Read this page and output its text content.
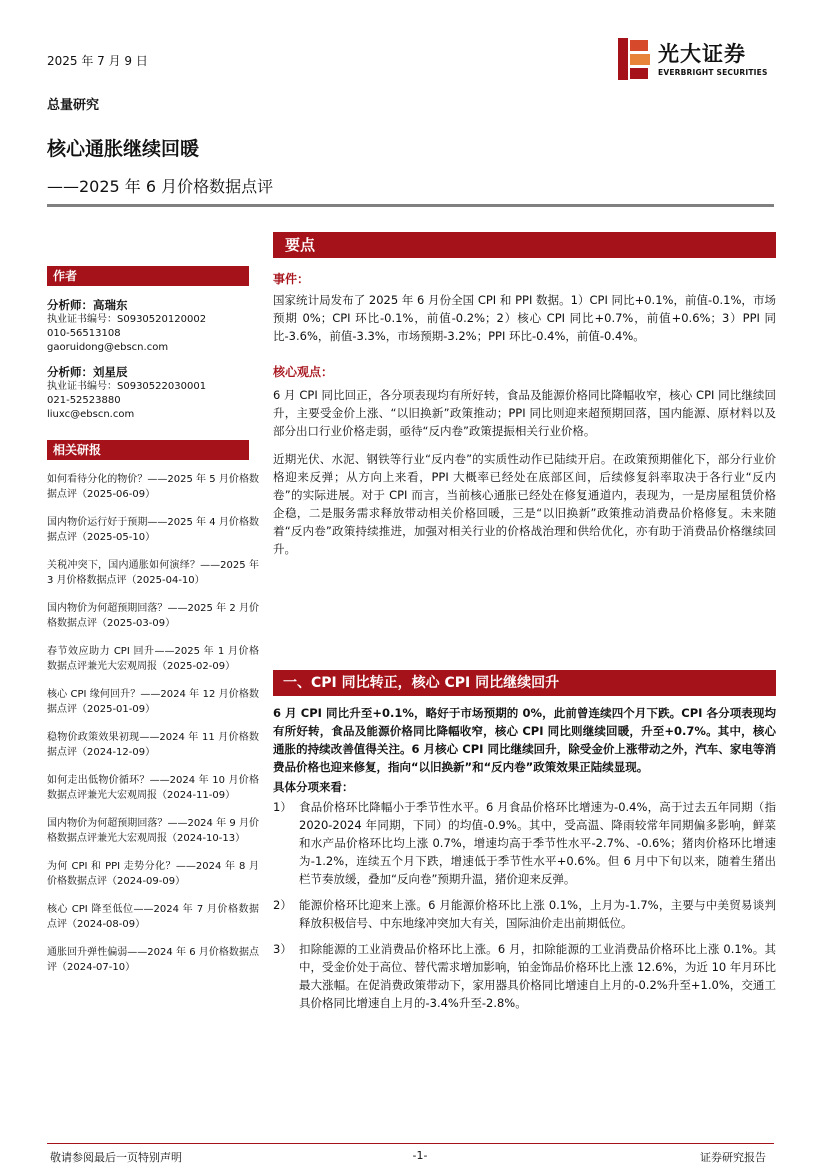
2025 年 7 月 9 日	光大证券
EVERBRIGHT SECURITIES
总量研究
核心通胀继续回暖
——2025 年 6 月价格数据点评
作者
分析师：高瑞东
执业证书编号：S0930520120002
010-56513108
gaoruidong@ebscn.com
分析师：刘星辰
执业证书编号：S0930522030001
021-52523880
liuxc@ebscn.com
相关研报
如何看待分化的物价？——2025 年 5 月价格数据点评（2025-06-09）
国内物价运行好于预期——2025 年 4 月价格数据点评（2025-05-10）
关税冲突下，国内通胀如何演绎？——2025 年 3 月价格数据点评（2025-04-10）
国内物价为何超预期回落？——2025 年 2 月价格数据点评（2025-03-09）
春节效应助力 CPI 回升——2025 年 1 月价格数据点评兼光大宏观周报（2025-02-09）
核心 CPI 缘何回升？——2024 年 12 月价格数据点评（2025-01-09）
稳物价政策效果初现——2024 年 11 月价格数据点评（2024-12-09）
如何走出低物价循环？——2024 年 10 月价格数据点评兼光大宏观周报（2024-11-09）
国内物价为何超预期回落？——2024 年 9 月价格数据点评兼光大宏观周报（2024-10-13）
为何 CPI 和 PPI 走势分化？——2024 年 8 月价格数据点评（2024-09-09）
核心 CPI 降至低位——2024 年 7 月价格数据点评（2024-08-09）
通胀回升弹性偏弱——2024 年 6 月价格数据点评（2024-07-10）
要点
事件：
国家统计局发布了 2025 年 6 月份全国 CPI 和 PPI 数据。1）CPI 同比+0.1%，前值-0.1%，市场预期 0%；CPI 环比-0.1%，前值-0.2%；2）核心 CPI 同比+0.7%，前值+0.6%；3）PPI 同比-3.6%，前值-3.3%，市场预期-3.2%；PPI 环比-0.4%，前值-0.4%。
核心观点：
6 月 CPI 同比回正，各分项表现均有所好转，食品及能源价格同比降幅收窄，核心 CPI 同比继续回升，主要受金价上涨、“以旧换新”政策推动；PPI 同比则迎来超预期回落，国内能源、原材料以及部分出口行业价格走弱，亟待“反内卷”政策提振相关行业价格。
近期光伏、水泥、钢铁等行业“反内卷”的实质性动作已陆续开启。在政策预期催化下，部分行业价格迎来反弹；从方向上来看，PPI 大概率已经处在底部区间，后续修复斜率取决于各行业“反内卷”的实际进展。对于 CPI 而言，当前核心通胀已经处在修复通道内，表现为，一是房屋租赁价格企稳，二是服务需求释放带动相关价格回暖，三是“以旧换新”政策推动消费品价格修复。未来随着“反内卷”政策持续推进，加强对相关行业的价格战治理和供给优化，亦有助于消费品价格继续回升。
一、CPI 同比转正，核心 CPI 同比继续回升
6 月 CPI 同比升至+0.1%，略好于市场预期的 0%，此前曾连续四个月下跌。CPI 各分项表现均有所好转，食品及能源价格同比降幅收窄，核心 CPI 同比则继续回暖，升至+0.7%。其中，核心通胀的持续改善值得关注。6 月核心 CPI 同比继续回升，除受金价上涨带动之外，汽车、家电等消费品价格也迎来修复，指向“以旧换新”和“反内卷”政策效果正陆续显现。
具体分项来看：
1） 食品价格环比降幅小于季节性水平。6 月食品价格环比增速为-0.4%，高于过去五年同期（指 2020-2024 年同期，下同）的均值-0.9%。其中，受高温、降雨较常年同期偏多影响，鲜菜和水产品价格环比均上涨 0.7%，增速均高于季节性水平-2.7%、-0.6%；猪肉价格环比增速为-1.2%，连续五个月下跌，增速低于季节性水平+0.6%。但 6 月中下旬以来，随着生猪出栏节奏放缓，叠加“反向卷”预期升温，猪价迎来反弹。
2） 能源价格环比迎来上涨。6 月能源价格环比上涨 0.1%，上月为-1.7%，主要与中美贸易谈判释放积极信号、中东地缘冲突加大有关，国际油价走出前期低位。
3） 扣除能源的工业消费品价格环比上涨。6 月，扣除能源的工业消费品价格环比上涨 0.1%。其中，受金价处于高位、替代需求增加影响，铂金饰品价格环比上涨 12.6%，为近 10 年月环比最大涨幅。在促消费政策带动下，家用器具价格同比增速自上月的-0.2%升至+1.0%，交通工具价格同比增速自上月的-3.4%升至-2.8%。
敬请参阅最后一页特别声明	-1-	证券研究报告
